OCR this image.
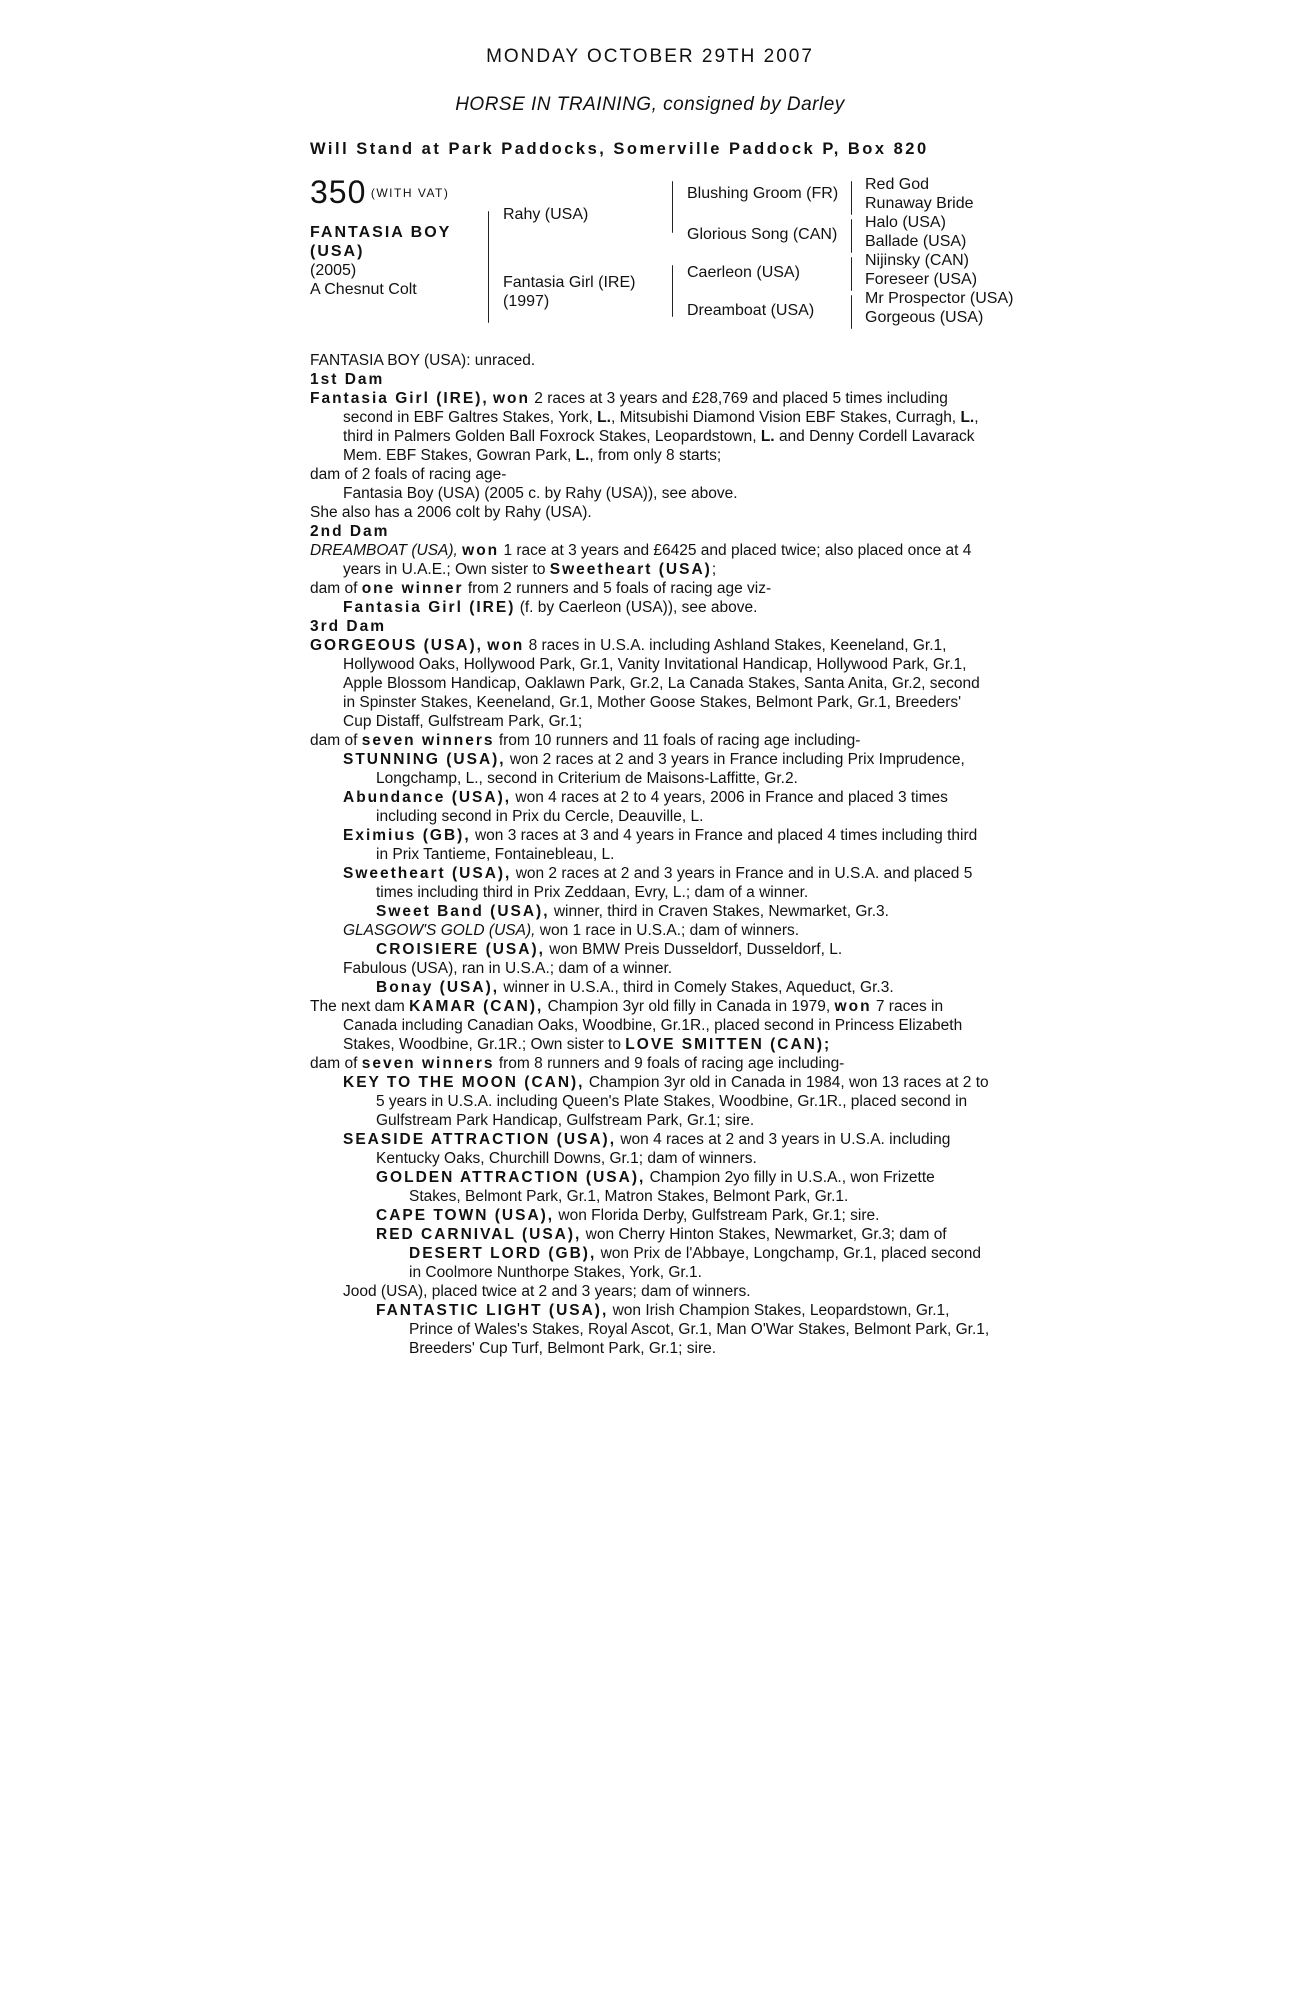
MONDAY OCTOBER 29TH 2007
HORSE IN TRAINING, consigned by Darley
Will Stand at Park Paddocks, Somerville Paddock P, Box 820
350 $^{(WITH VAT)}$
FANTASIA BOY
(USA)
(2005)
A Chesnut Colt
Rahy (USA)
Fantasia Girl (IRE)
(1997)
Blushing Groom (FR)
Glorious Song (CAN)
Caerleon (USA)
Dreamboat (USA)
Red God
Runaway Bride
Halo (USA)
Ballade (USA)
Nijinsky (CAN)
Foreseer (USA)
Mr Prospector (USA)
Gorgeous (USA)

FANTASIA BOY (USA): unraced.

1st Dam

Fantasia Girl (IRE), won 2 races at 3 years and £28,769 and placed 5 times including second in EBF Galtres Stakes, York, L., Mitsubishi Diamond Vision EBF Stakes, Curragh, L., third in Palmers Golden Ball Foxrock Stakes, Leopardstown, L. and Denny Cordell Lavarack Mem. EBF Stakes, Gowran Park, L., from only 8 starts;

dam of 2 foals of racing age-

Fantasia Boy (USA) (2005 c. by Rahy (USA)), see above.

She also has a 2006 colt by Rahy (USA).

2nd Dam

DREAMBOAT (USA), won 1 race at 3 years and £6425 and placed twice; also placed once at 4 years in U.A.E.; Own sister to Sweetheart (USA);

dam of one winner from 2 runners and 5 foals of racing age viz-

Fantasia Girl (IRE) (f. by Caerleon (USA)), see above.

3rd Dam

GORGEOUS (USA), won 8 races in U.S.A. including Ashland Stakes, Keeneland, Gr.1, Hollywood Oaks, Hollywood Park, Gr.1, Vanity Invitational Handicap, Hollywood Park, Gr.1, Apple Blossom Handicap, Oaklawn Park, Gr.2, La Canada Stakes, Santa Anita, Gr.2, second in Spinster Stakes, Keeneland, Gr.1, Mother Goose Stakes, Belmont Park, Gr.1, Breeders' Cup Distaff, Gulfstream Park, Gr.1;

dam of seven winners from 10 runners and 11 foals of racing age including-

STUNNING (USA), won 2 races at 2 and 3 years in France including Prix Imprudence, Longchamp, L., second in Criterium de Maisons-Laffitte, Gr.2.

Abundance (USA), won 4 races at 2 to 4 years, 2006 in France and placed 3 times including second in Prix du Cercle, Deauville, L.

Eximius (GB), won 3 races at 3 and 4 years in France and placed 4 times including third in Prix Tantieme, Fontainebleau, L.

Sweetheart (USA), won 2 races at 2 and 3 years in France and in U.S.A. and placed 5 times including third in Prix Zeddaan, Evry, L.; dam of a winner.

Sweet Band (USA), winner, third in Craven Stakes, Newmarket, Gr.3.

GLASGOW'S GOLD (USA), won 1 race in U.S.A.; dam of winners.

CROISIERE (USA), won BMW Preis Dusseldorf, Dusseldorf, L.

Fabulous (USA), ran in U.S.A.; dam of a winner.

Bonay (USA), winner in U.S.A., third in Comely Stakes, Aqueduct, Gr.3.

The next dam KAMAR (CAN), Champion 3yr old filly in Canada in 1979, won 7 races in Canada including Canadian Oaks, Woodbine, Gr.1R., placed second in Princess Elizabeth Stakes, Woodbine, Gr.1R.; Own sister to LOVE SMITTEN (CAN);

dam of seven winners from 8 runners and 9 foals of racing age including-

KEY TO THE MOON (CAN), Champion 3yr old in Canada in 1984, won 13 races at 2 to 5 years in U.S.A. including Queen's Plate Stakes, Woodbine, Gr.1R., placed second in Gulfstream Park Handicap, Gulfstream Park, Gr.1; sire.

SEASIDE ATTRACTION (USA), won 4 races at 2 and 3 years in U.S.A. including Kentucky Oaks, Churchill Downs, Gr.1; dam of winners.

GOLDEN ATTRACTION (USA), Champion 2yo filly in U.S.A., won Frizette Stakes, Belmont Park, Gr.1, Matron Stakes, Belmont Park, Gr.1.

CAPE TOWN (USA), won Florida Derby, Gulfstream Park, Gr.1; sire.

RED CARNIVAL (USA), won Cherry Hinton Stakes, Newmarket, Gr.3; dam of DESERT LORD (GB), won Prix de l'Abbaye, Longchamp, Gr.1, placed second in Coolmore Nunthorpe Stakes, York, Gr.1.

Jood (USA), placed twice at 2 and 3 years; dam of winners.

FANTASTIC LIGHT (USA), won Irish Champion Stakes, Leopardstown, Gr.1, Prince of Wales's Stakes, Royal Ascot, Gr.1, Man O'War Stakes, Belmont Park, Gr.1, Breeders' Cup Turf, Belmont Park, Gr.1; sire.
